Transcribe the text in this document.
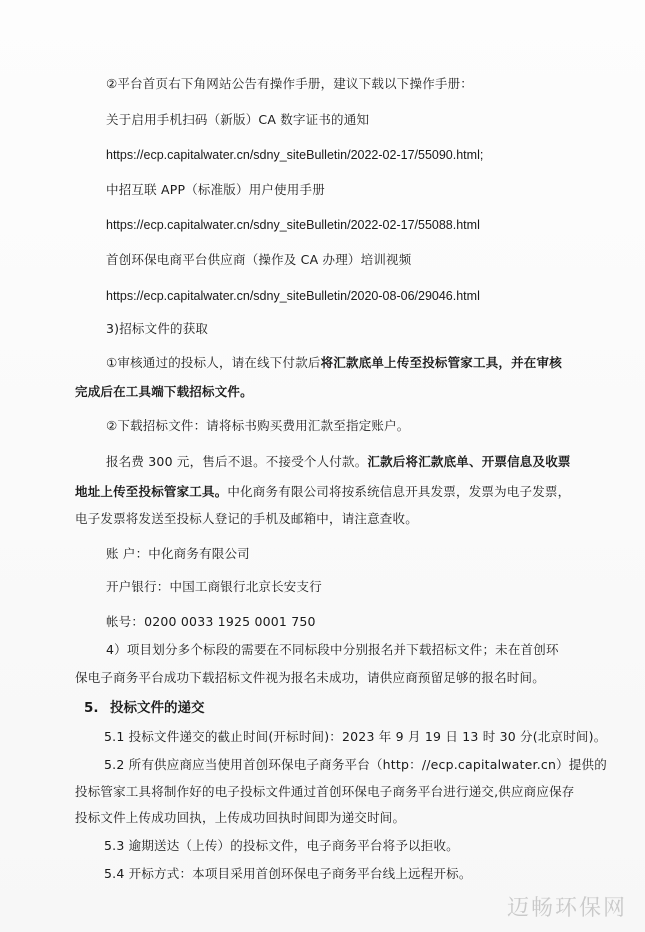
②平台首页右下角网站公告有操作手册，建议下载以下操作手册：
关于启用手机扫码（新版）CA 数字证书的通知
https://ecp.capitalwater.cn/sdny_siteBulletin/2022-02-17/55090.html;
中招互联 APP（标准版）用户使用手册
https://ecp.capitalwater.cn/sdny_siteBulletin/2022-02-17/55088.html
首创环保电商平台供应商（操作及 CA 办理）培训视频
https://ecp.capitalwater.cn/sdny_siteBulletin/2020-08-06/29046.html
3)招标文件的获取
①审核通过的投标人，请在线下付款后将汇款底单上传至投标管家工具，并在审核
完成后在工具端下载招标文件。
②下载招标文件：请将标书购买费用汇款至指定账户。
报名费 300 元，售后不退。不接受个人付款。汇款后将汇款底单、开票信息及收票
地址上传至投标管家工具。中化商务有限公司将按系统信息开具发票，发票为电子发票，
电子发票将发送至投标人登记的手机及邮箱中，请注意查收。
账 户：中化商务有限公司
开户银行：中国工商银行北京长安支行
帐号：0200 0033 1925 0001 750
4）项目划分多个标段的需要在不同标段中分别报名并下载招标文件；未在首创环
保电子商务平台成功下载招标文件视为报名未成功，请供应商预留足够的报名时间。
5. 投标文件的递交
5.1 投标文件递交的截止时间(开标时间)：2023 年 9 月 19 日 13 时 30 分(北京时间)。
5.2 所有供应商应当使用首创环保电子商务平台（http：//ecp.capitalwater.cn）提供的
投标管家工具将制作好的电子投标文件通过首创环保电子商务平台进行递交,供应商应保存
投标文件上传成功回执，上传成功回执时间即为递交时间。
5.3 逾期送达（上传）的投标文件，电子商务平台将予以拒收。
5.4 开标方式：本项目采用首创环保电子商务平台线上远程开标。
迈畅环保网
